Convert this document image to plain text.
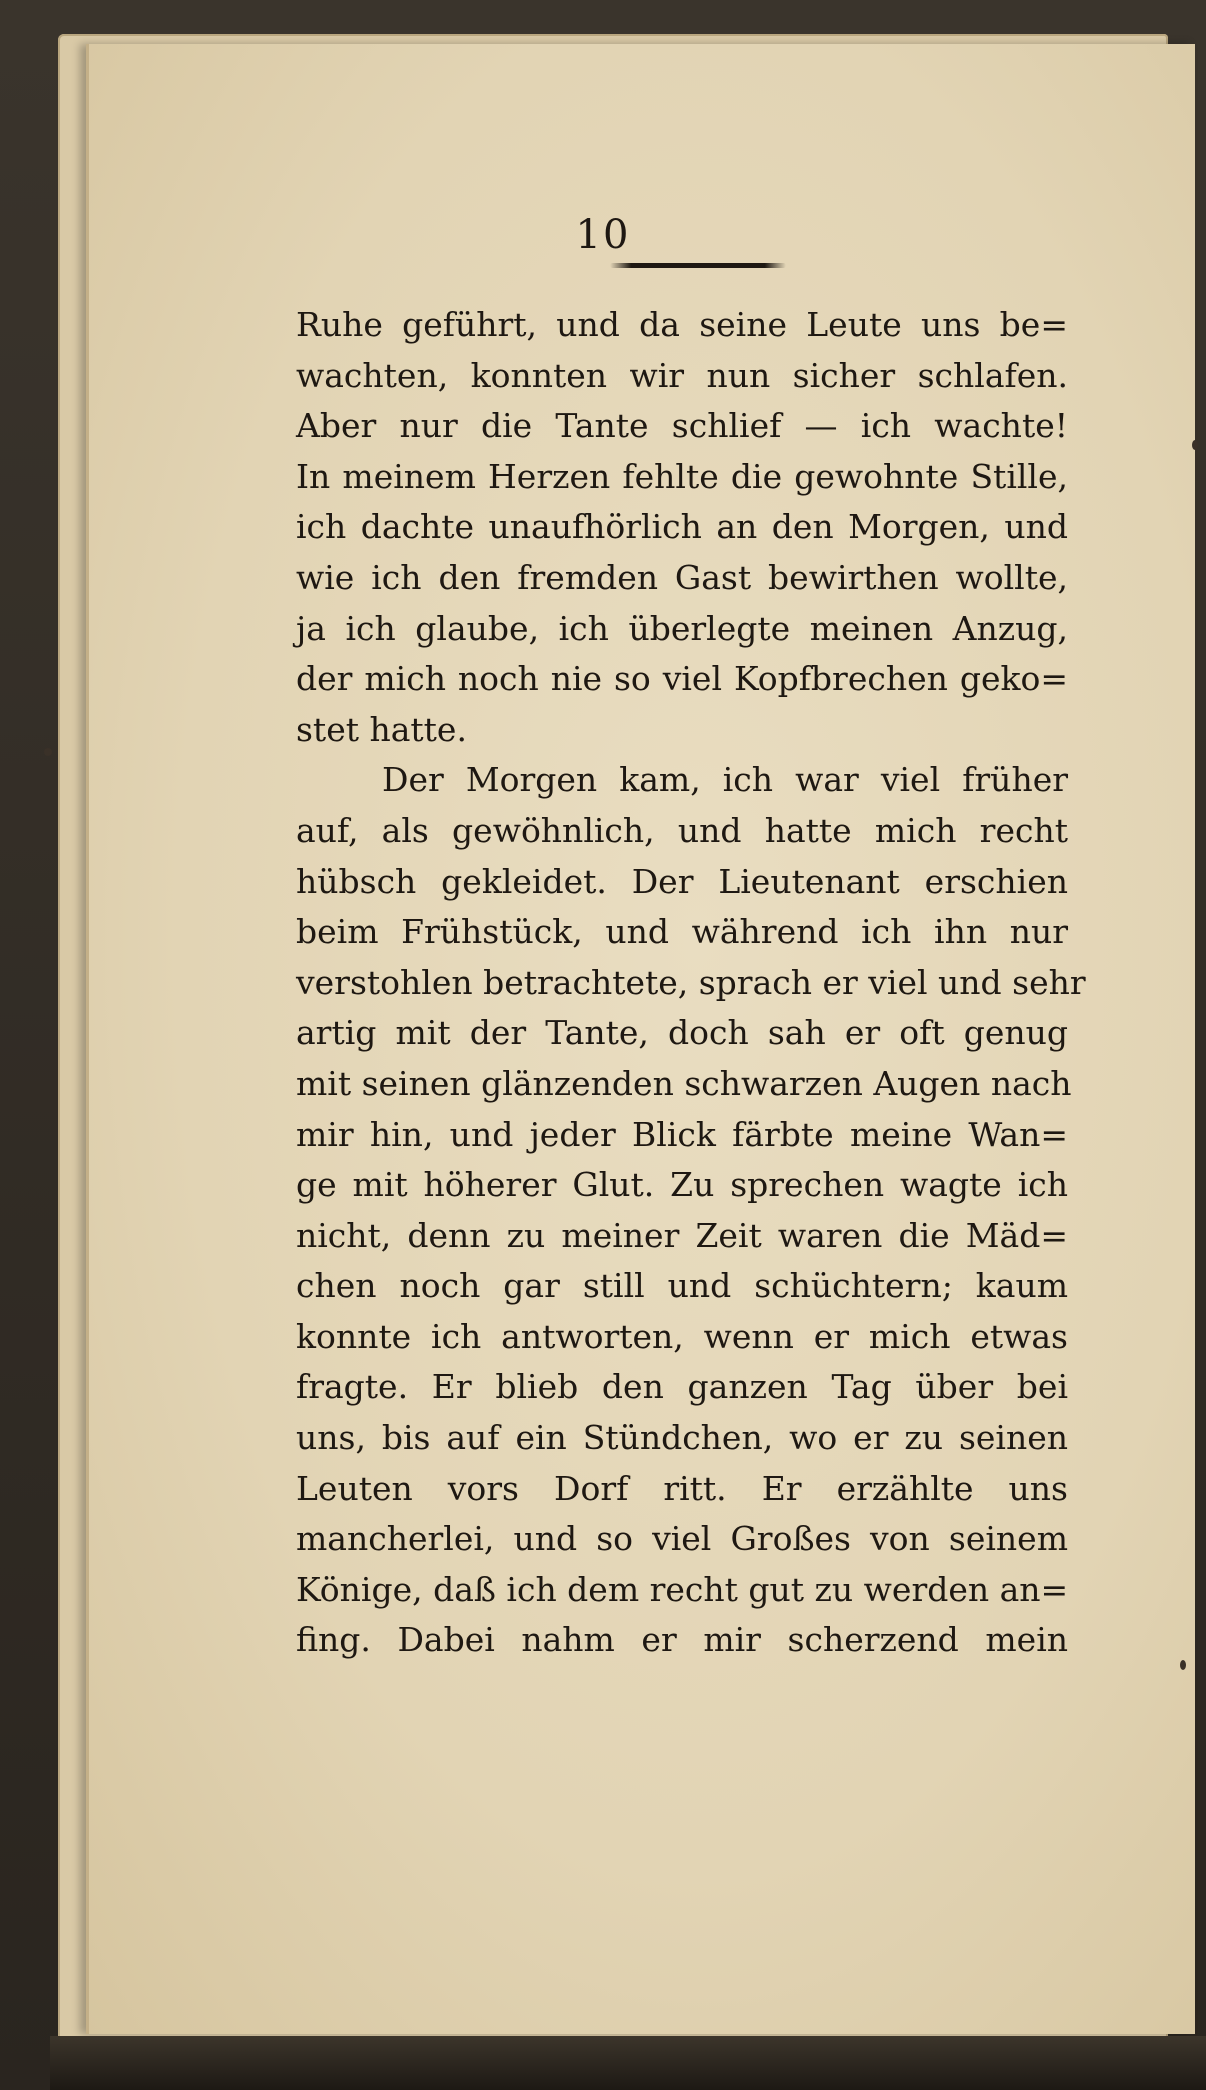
10
Ruhe geführt, und da seine Leute uns be=
wachten, konnten wir nun sicher schlafen.
Aber nur die Tante schlief — ich wachte!
In meinem Herzen fehlte die gewohnte Stille,
ich dachte unaufhörlich an den Morgen, und
wie ich den fremden Gast bewirthen wollte,
ja ich glaube, ich überlegte meinen Anzug,
der mich noch nie so viel Kopfbrechen geko=
stet hatte.
Der Morgen kam, ich war viel früher
auf, als gewöhnlich, und hatte mich recht
hübsch gekleidet. Der Lieutenant erschien
beim Frühstück, und während ich ihn nur
verstohlen betrachtete, sprach er viel und sehr
artig mit der Tante, doch sah er oft genug
mit seinen glänzenden schwarzen Augen nach
mir hin, und jeder Blick färbte meine Wan=
ge mit höherer Glut. Zu sprechen wagte ich
nicht, denn zu meiner Zeit waren die Mäd=
chen noch gar still und schüchtern; kaum
konnte ich antworten, wenn er mich etwas
fragte. Er blieb den ganzen Tag über bei
uns, bis auf ein Stündchen, wo er zu seinen
Leuten vors Dorf ritt. Er erzählte uns
mancherlei, und so viel Großes von seinem
Könige, daß ich dem recht gut zu werden an=
fing. Dabei nahm er mir scherzend mein
